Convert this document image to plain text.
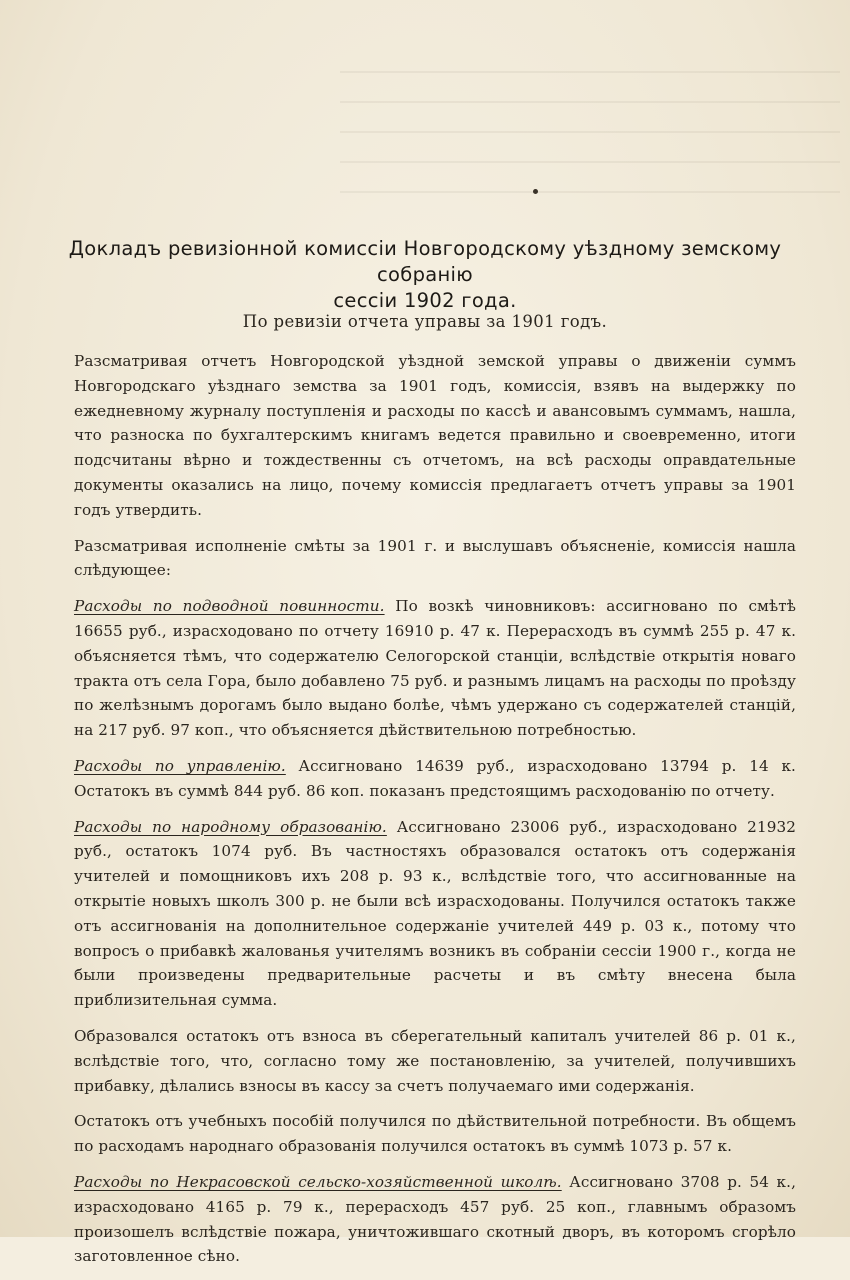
Докладъ ревизіонной комиссіи Новгородскому уѣздному земскому собранію
сессіи 1902 года.
По ревизіи отчета управы за 1901 годъ.

Разсматривая отчетъ Новгородской уѣздной земской управы о движеніи суммъ Новгородскаго уѣзднаго земства за 1901 годъ, комиссія, взявъ на выдержку по ежедневному журналу поступленія и расходы по кассѣ и авансовымъ суммамъ, нашла, что разноска по бухгалтерскимъ книгамъ ведется правильно и своевременно, итоги подсчитаны вѣрно и тождественны съ отчетомъ, на всѣ расходы оправдательные документы оказались на лицо, почему комиссія предлагаетъ отчетъ управы за 1901 годъ утвердить.

Разсматривая исполненіе смѣты за 1901 г. и выслушавъ объясненіе, комиссія нашла слѣдующее:

Расходы по подводной повинности. По возкѣ чиновниковъ: ассигновано по смѣтѣ 16655 руб., израсходовано по отчету 16910 р. 47 к. Перерасходъ въ суммѣ 255 р. 47 к. объясняется тѣмъ, что содержателю Селогорской станціи, вслѣдствіе открытія новаго тракта отъ села Гора, было добавлено 75 руб. и разнымъ лицамъ на расходы по проѣзду по желѣзнымъ дорогамъ было выдано болѣе, чѣмъ удержано съ содержателей станцій, на 217 руб. 97 коп., что объясняется дѣйствительною потребностью.

Расходы по управленію. Ассигновано 14639 руб., израсходовано 13794 р. 14 к. Остатокъ въ суммѣ 844 руб. 86 коп. показанъ предстоящимъ расходованію по отчету.

Расходы по народному образованію. Ассигновано 23006 руб., израсходовано 21932 руб., остатокъ 1074 руб. Въ частностяхъ образовался остатокъ отъ содержанія учителей и помощниковъ ихъ 208 р. 93 к., вслѣдствіе того, что ассигнованные на открытіе новыхъ школъ 300 р. не были всѣ израсходованы. Получился остатокъ также отъ ассигнованія на дополнительное содержаніе учителей 449 р. 03 к., потому что вопросъ о прибавкѣ жалованья учителямъ возникъ въ собраніи сессіи 1900 г., когда не были произведены предварительные расчеты и въ смѣту внесена была приблизительная сумма.

Образовался остатокъ отъ взноса въ сберегательный капиталъ учителей 86 р. 01 к., вслѣдствіе того, что, согласно тому же постановленію, за учителей, получившихъ прибавку, дѣлались взносы въ кассу за счетъ получаемаго ими содержанія.

Остатокъ отъ учебныхъ пособій получился по дѣйствительной потребности. Въ общемъ по расходамъ народнаго образованія получился остатокъ въ суммѣ 1073 р. 57 к.

Расходы по Некрасовской сельско-хозяйственной школѣ. Ассигновано 3708 р. 54 к., израсходовано 4165 р. 79 к., перерасходъ 457 руб. 25 коп., главнымъ образомъ произошелъ вслѣдствіе пожара, уничтожившаго скотный дворъ, въ которомъ сгорѣло заготовленное сѣно.
